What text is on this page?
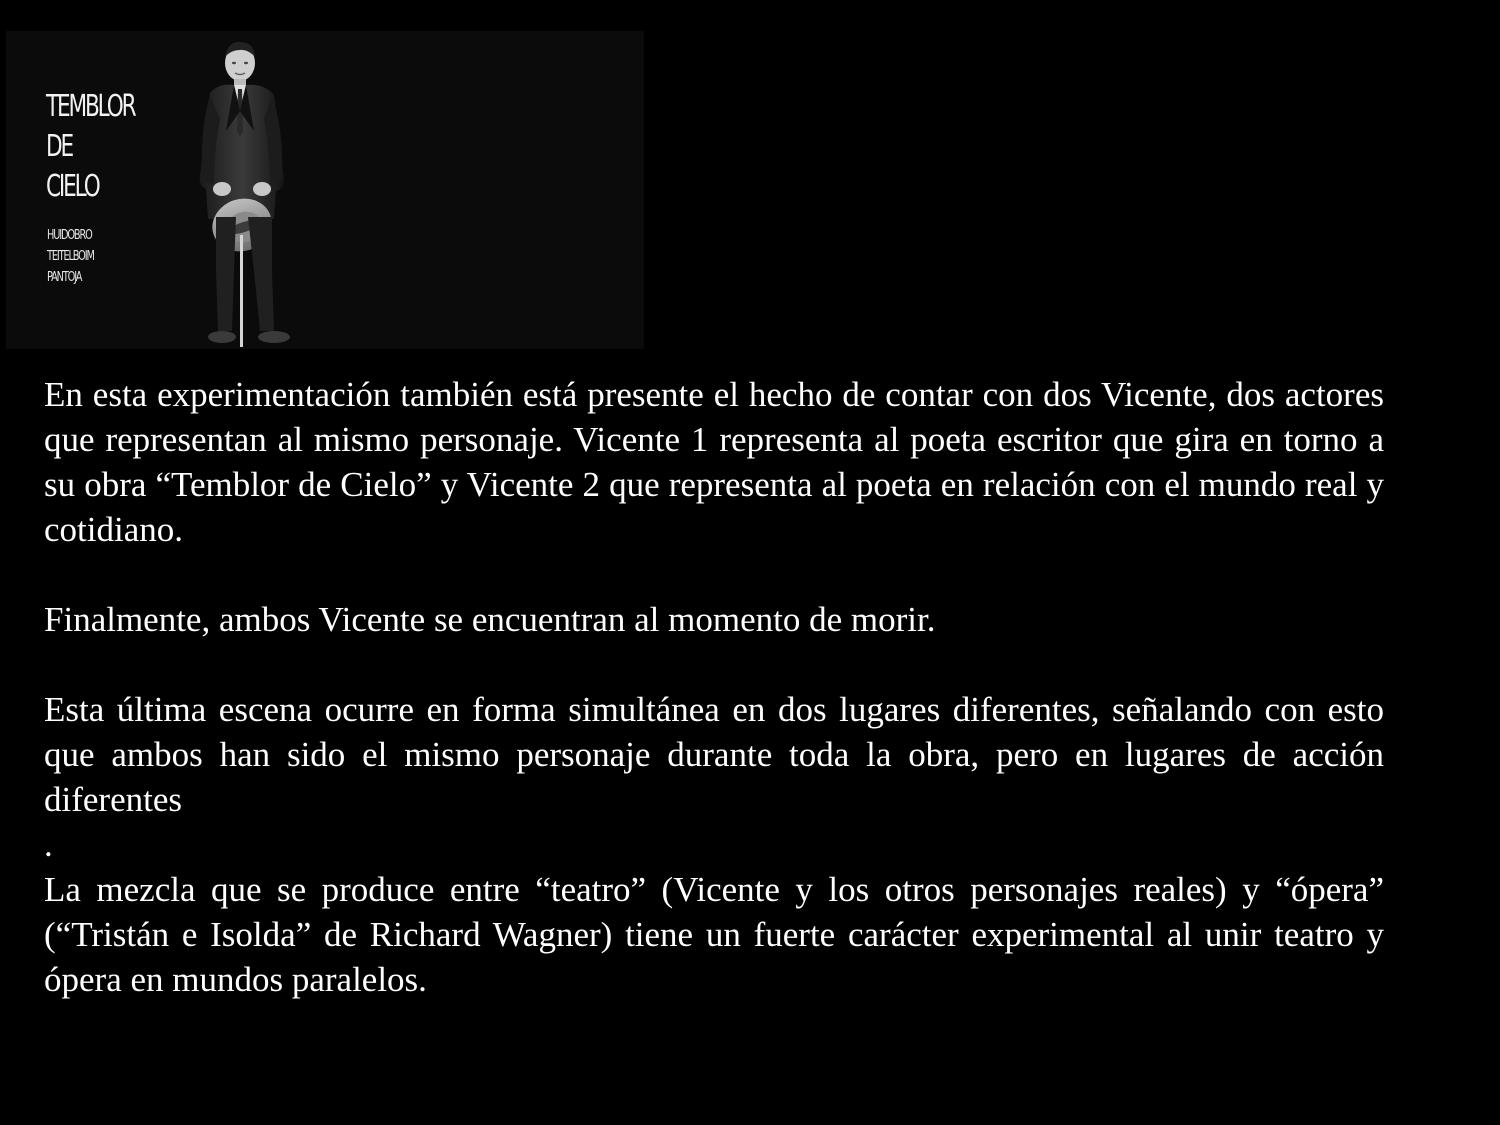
TEMBLOR
DE
CIELO
HUIDOBRO
TEITELBOIM
PANTOJA

En esta experimentación también está presente el hecho de contar con dos Vicente, dos actores que representan al mismo personaje. Vicente 1 representa al poeta escritor que gira en torno a su obra “Temblor de Cielo” y Vicente 2 que representa al poeta en relación con el mundo real y cotidiano.

Finalmente, ambos Vicente se encuentran al momento de morir.

Esta última escena ocurre en forma simultánea en dos lugares diferentes, señalando con esto que ambos han sido el mismo personaje durante toda la obra, pero en lugares de acción diferentes

.

La mezcla que se produce entre “teatro” (Vicente y los otros personajes reales) y “ópera” (“Tristán e Isolda” de Richard Wagner) tiene un fuerte carácter experimental al unir teatro y ópera en mundos paralelos.
